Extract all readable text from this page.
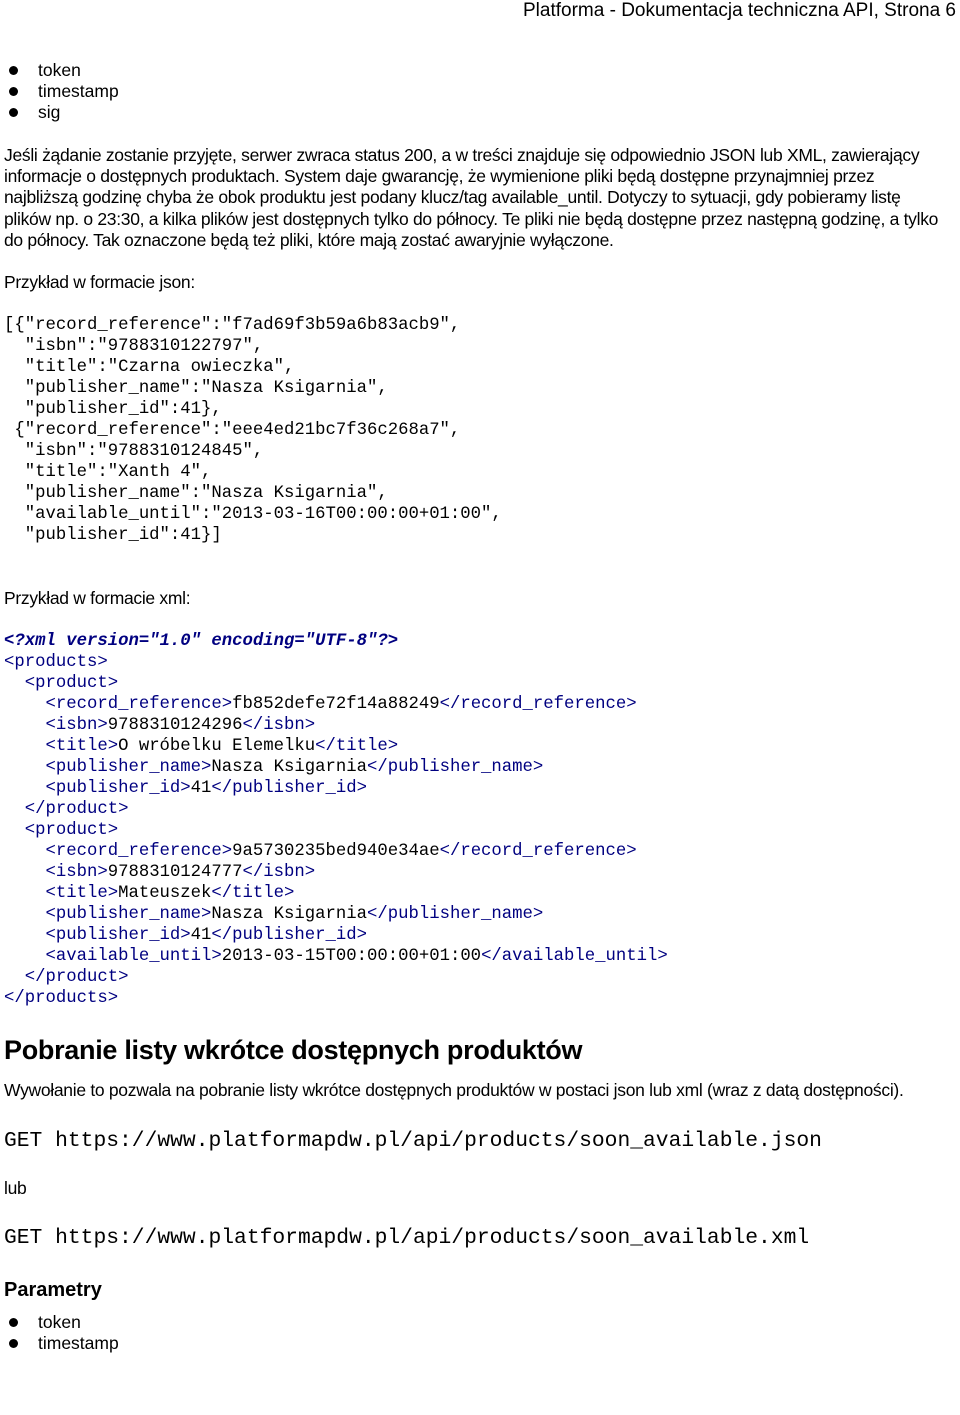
Platforma - Dokumentacja techniczna API, Strona 6
token
timestamp
sig

Jeśli żądanie zostanie przyjęte, serwer zwraca status 200, a w treści znajduje się odpowiednio JSON lub XML, zawierający informacje o dostępnych produktach. System daje gwarancję, że wymienione pliki będą dostępne przynajmniej przez najbliższą godzinę chyba że obok produktu jest podany klucz/tag available_until. Dotyczy to sytuacji, gdy pobieramy listę plików np. o 23:30, a kilka plików jest dostępnych tylko do północy. Te pliki nie będą dostępne przez następną godzinę, a tylko do północy. Tak oznaczone będą też pliki, które mają zostać awaryjnie wyłączone.

Przykład w formacie json:

[{"record_reference":"f7ad69f3b59a6b83acb9",
"isbn":"9788310122797",
"title":"Czarna owieczka",
"publisher_name":"Nasza Ksigarnia",
"publisher_id":41},
{"record_reference":"eee4ed21bc7f36c268a7",
"isbn":"9788310124845",
"title":"Xanth 4",
"publisher_name":"Nasza Ksigarnia",
"available_until":"2013-03-16T00:00:00+01:00",
"publisher_id":41}]

Przykład w formacie xml:

<?xml version="1.0" encoding="UTF-8"?>
<products>
<product>
<record_reference>fb852defe72f14a88249</record_reference>
<isbn>9788310124296</isbn>
<title>O wróbelku Elemelku</title>
<publisher_name>Nasza Ksigarnia</publisher_name>
<publisher_id>41</publisher_id>
</product>
<product>
<record_reference>9a5730235bed940e34ae</record_reference>
<isbn>9788310124777</isbn>
<title>Mateuszek</title>
<publisher_name>Nasza Ksigarnia</publisher_name>
<publisher_id>41</publisher_id>
<available_until>2013-03-15T00:00:00+01:00</available_until>
</product>
</products>
Pobranie listy wkrótce dostępnych produktów

Wywołanie to pozwala na pobranie listy wkrótce dostępnych produktów w postaci json lub xml (wraz z datą dostępności).

GET https://www.platformapdw.pl/api/products/soon_available.json

lub

GET https://www.platformapdw.pl/api/products/soon_available.xml
Parametry
token
timestamp
